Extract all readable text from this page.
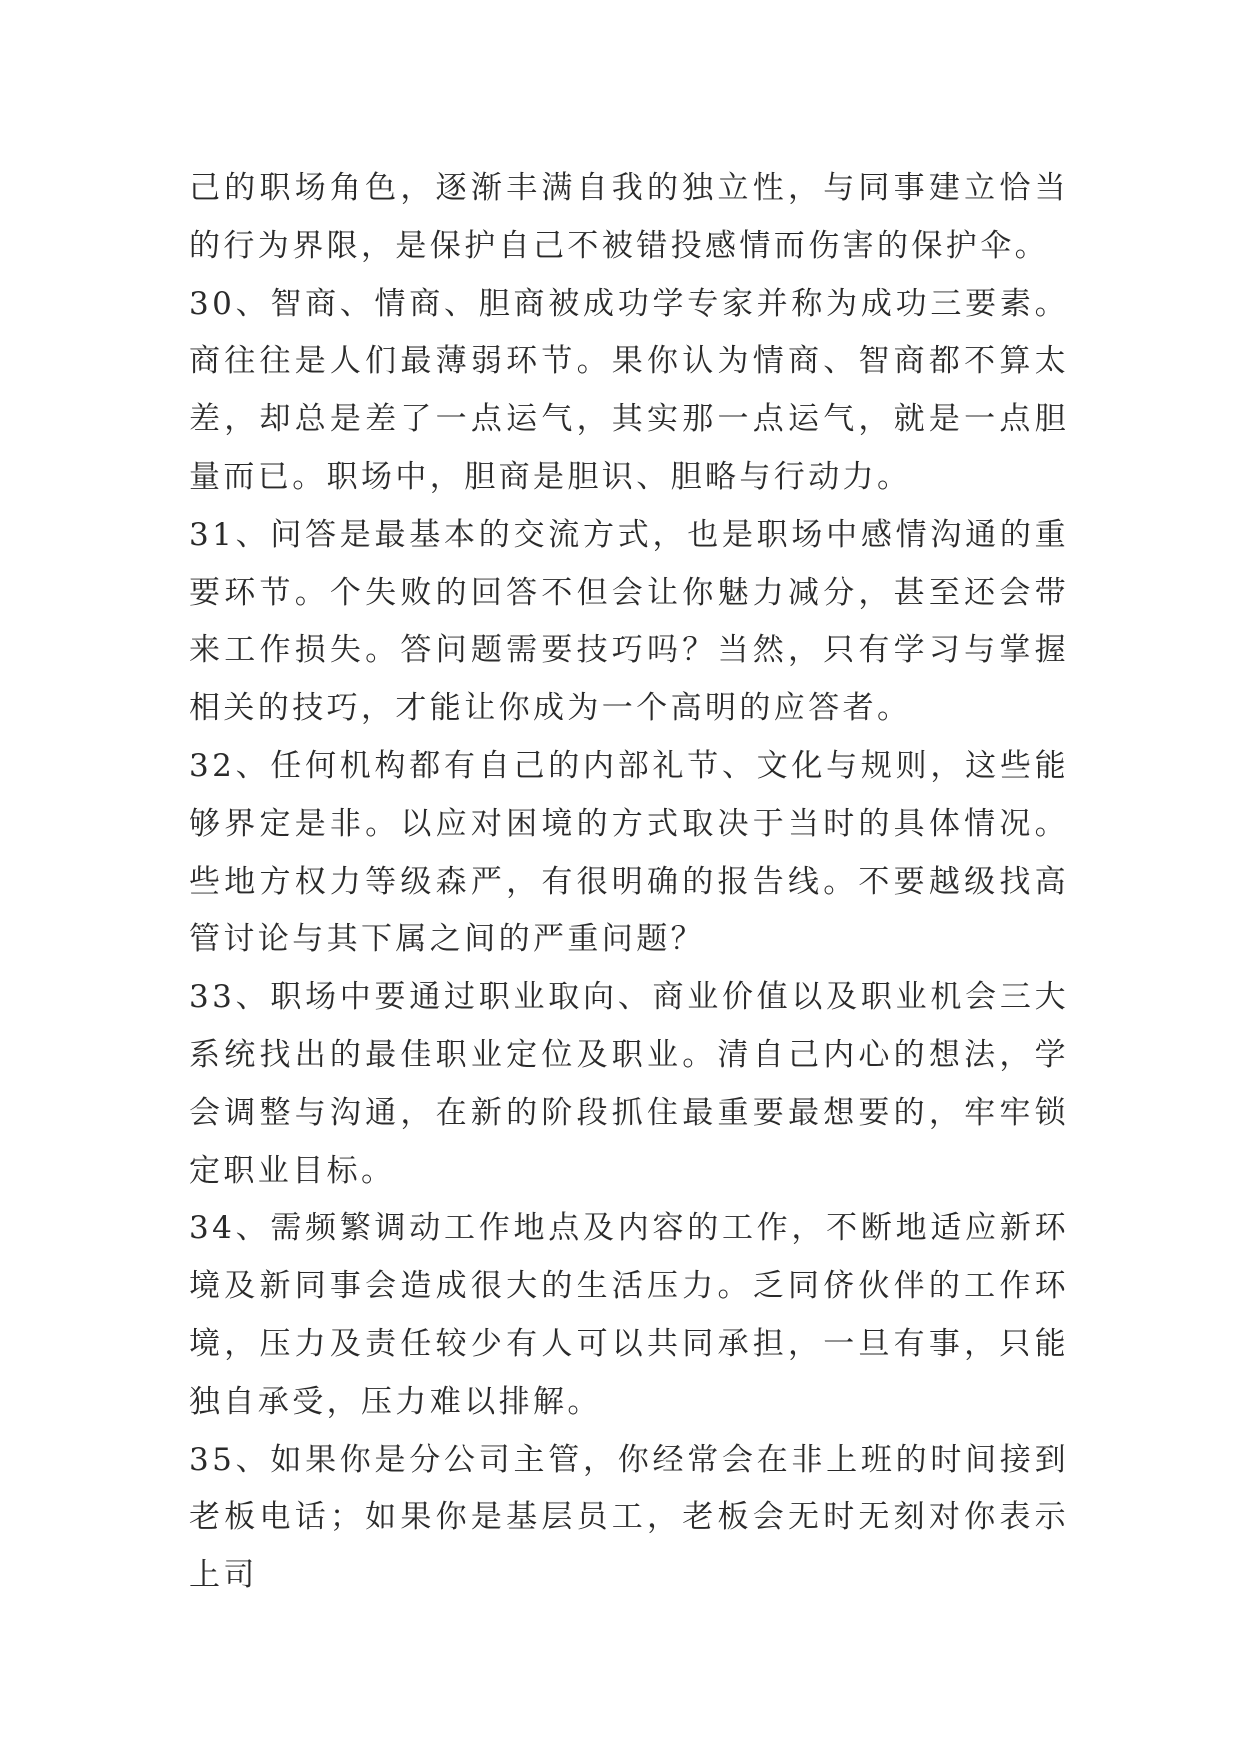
己的职场角色，逐渐丰满自我的独立性，与同事建立恰当的行为界限，是保护自己不被错投感情而伤害的保护伞。

30、智商、情商、胆商被成功学专家并称为成功三要素。商往往是人们最薄弱环节。果你认为情商、智商都不算太差，却总是差了一点运气，其实那一点运气，就是一点胆量而已。职场中，胆商是胆识、胆略与行动力。

31、问答是最基本的交流方式，也是职场中感情沟通的重要环节。个失败的回答不但会让你魅力减分，甚至还会带来工作损失。答问题需要技巧吗？当然，只有学习与掌握相关的技巧，才能让你成为一个高明的应答者。

32、任何机构都有自己的内部礼节、文化与规则，这些能够界定是非。以应对困境的方式取决于当时的具体情况。些地方权力等级森严，有很明确的报告线。不要越级找高管讨论与其下属之间的严重问题？

33、职场中要通过职业取向、商业价值以及职业机会三大系统找出的最佳职业定位及职业。清自己内心的想法，学会调整与沟通，在新的阶段抓住最重要最想要的，牢牢锁定职业目标。

34、需频繁调动工作地点及内容的工作，不断地适应新环境及新同事会造成很大的生活压力。乏同侪伙伴的工作环境，压力及责任较少有人可以共同承担，一旦有事，只能独自承受，压力难以排解。

35、如果你是分公司主管，你经常会在非上班的时间接到老板电话；如果你是基层员工，老板会无时无刻对你表示上司
